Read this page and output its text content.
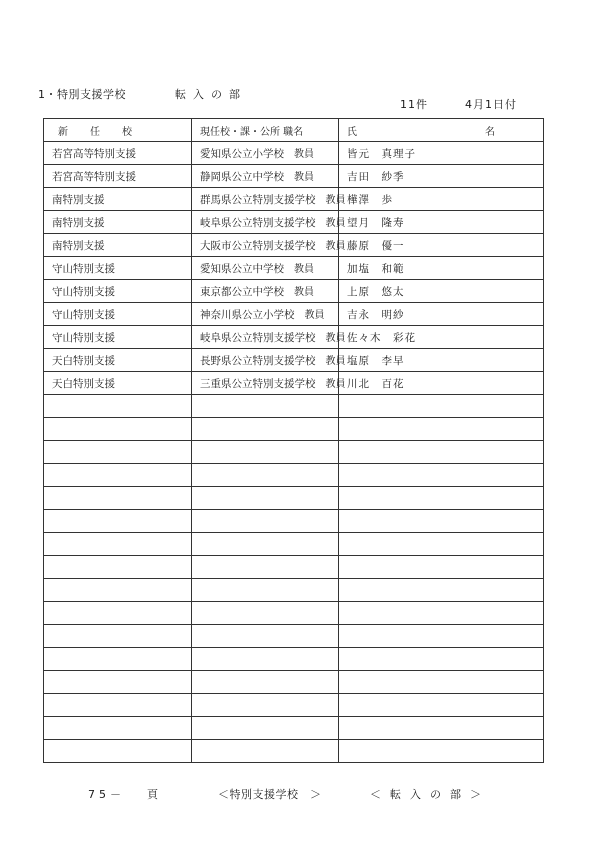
1・特別支援学校	転入の部
11件	4月1日付
新任校	現任校・課・公所 職名	氏 名

若宮高等特別支援	愛知県公立小学校 教員	皆元　真理子
若宮高等特別支援	静岡県公立中学校 教員	吉田　紗季
南特別支援	群馬県公立特別支援学校 教員	樺澤　歩
南特別支援	岐阜県公立特別支援学校 教員	望月　隆寿
南特別支援	大阪市公立特別支援学校 教員	藤原　優一
守山特別支援	愛知県公立中学校 教員	加塩　和範
守山特別支援	東京都公立中学校 教員	上原　悠太
守山特別支援	神奈川県公立小学校 教員	吉永　明紗
守山特別支援	岐阜県公立特別支援学校 教員	佐々木　彩花
天白特別支援	長野県公立特別支援学校 教員	塩原　李早
天白特別支援	三重県公立特別支援学校 教員	川北　百花

75－ 頁	＜特別支援学校　＞	＜転入の部＞
